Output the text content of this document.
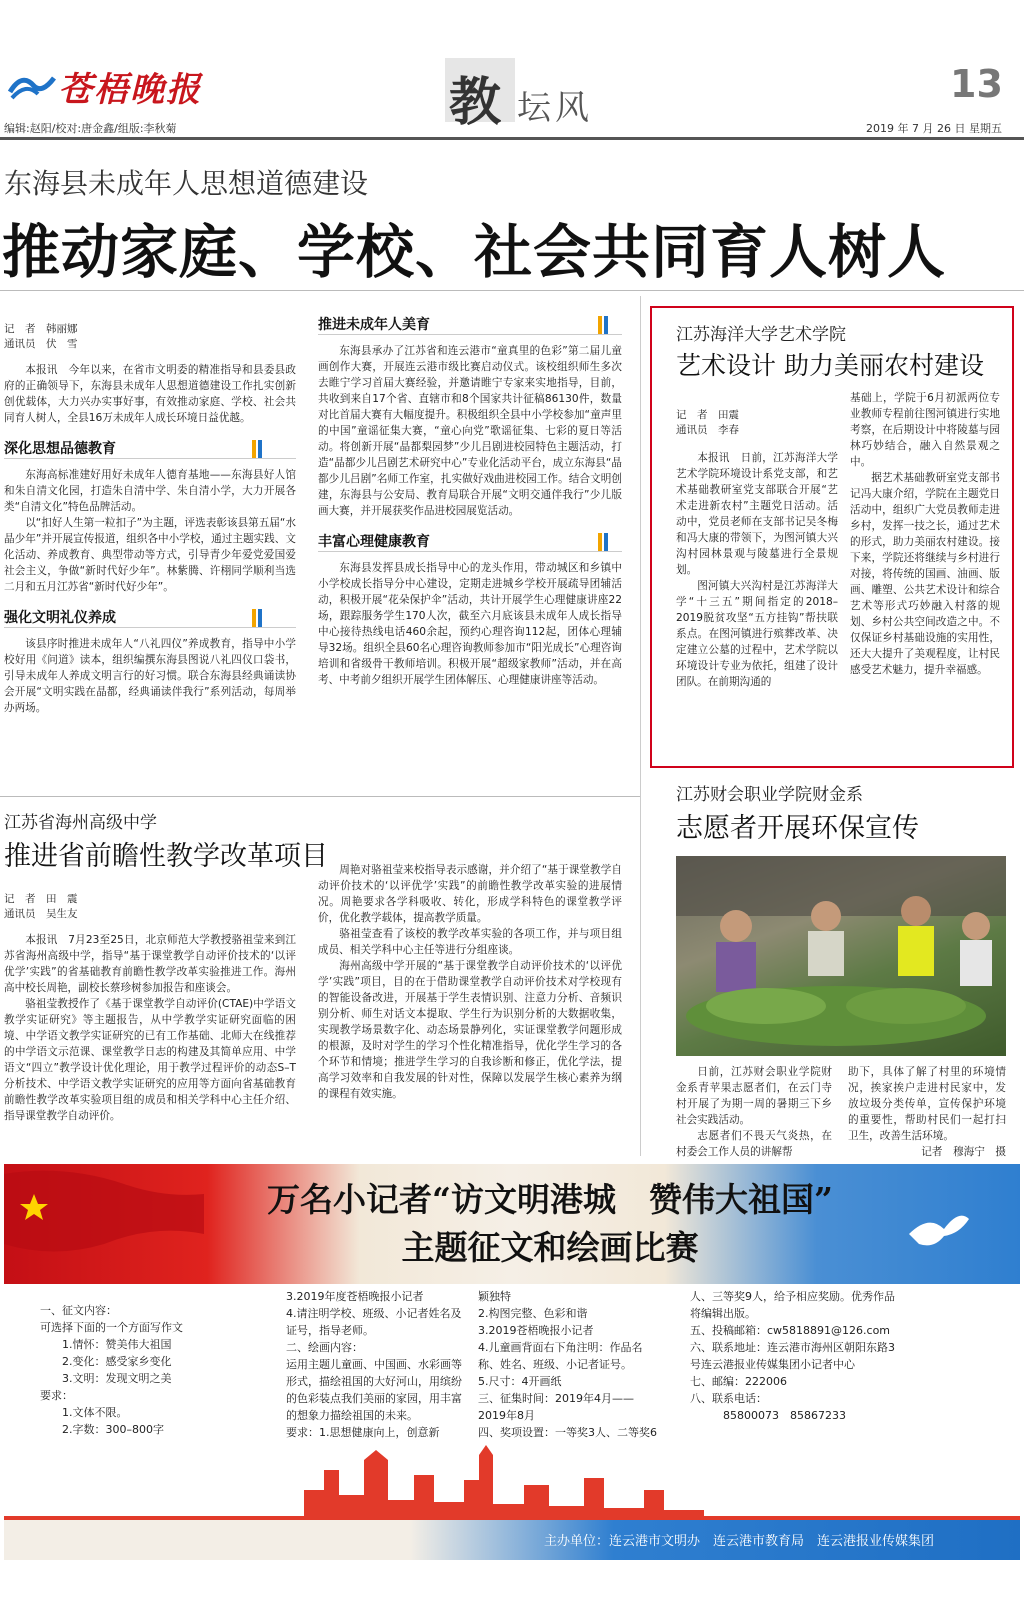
苍梧晚报	教 坛风
13
编辑:赵阳/校对:唐金鑫/组版:李秋菊	2019 年 7 月 26 日 星期五
东海县未成年人思想道德建设
推动家庭、学校、社会共同育人树人
记　者　韩丽娜
通讯员　伏　雪

本报讯　今年以来，在省市文明委的精准指导和县委县政府的正确领导下，东海县未成年人思想道德建设工作扎实创新创优载体，大力兴办实事好事，有效推动家庭、学校、社会共同育人树人，全县16万未成年人成长环境日益优越。

深化思想品德教育

东海高标准建好用好未成年人德育基地——东海县好人馆和朱自清文化园，打造朱自清中学、朱自清小学，大力开展各类“自清文化”特色品牌活动。

以“扣好人生第一粒扣子”为主题，评选表彰该县第五届“水晶少年”并开展宣传报道，组织各中小学校，通过主题实践、文化活动、养成教育、典型带动等方式，引导青少年爱党爱国爱社会主义，争做“新时代好少年”。林紫腾、许栩同学顺利当选二月和五月江苏省“新时代好少年”。

强化文明礼仪养成

该县序时推进未成年人“八礼四仪”养成教育，指导中小学校好用《问道》读本，组织编撰东海县图说八礼四仪口袋书，引导未成年人养成文明言行的好习惯。联合东海县经典诵读协会开展“文明实践在晶都，经典诵读伴我行”系列活动，每周举办两场。

推进未成年人美育

东海县承办了江苏省和连云港市“童真里的色彩”第二届儿童画创作大赛，开展连云港市级比赛启动仪式。该校组织师生多次去睢宁学习首届大赛经验，并邀请睢宁专家来实地指导，目前，共收到来自17个省、直辖市和8个国家共计征稿86130件，数量对比首届大赛有大幅度提升。积极组织全县中小学校参加“童声里的中国”童谣征集大赛，“童心向党”歌谣征集、七彩的夏日等活动。将创新开展“晶都梨园梦”少儿吕剧进校园特色主题活动，打造“晶都少儿吕剧艺术研究中心”专业化活动平台，成立东海县“晶都少儿吕剧”名师工作室，扎实做好戏曲进校园工作。结合文明创建，东海县与公安局、教育局联合开展“文明交通伴我行”少儿版画大赛，并开展获奖作品进校园展览活动。

丰富心理健康教育

东海县发挥县成长指导中心的龙头作用，带动城区和乡镇中小学校成长指导分中心建设，定期走进城乡学校开展疏导团辅活动，积极开展“花朵保护伞”活动，共计开展学生心理健康讲座22场，跟踪服务学生170人次，截至六月底该县未成年人成长指导中心接待热线电话460余起，预约心理咨询112起，团体心理辅导32场。组织全县60名心理咨询教师参加市“阳光成长”心理咨询培训和省级骨干教师培训。积极开展“超级家教师”活动，并在高考、中考前夕组织开展学生团体解压、心理健康讲座等活动。

江苏海洋大学艺术学院
艺术设计 助力美丽农村建设
记　者　田震
通讯员　李春

本报讯　日前，江苏海洋大学艺术学院环境设计系党支部，和艺术基础教研室党支部联合开展“艺术走进新农村”主题党日活动。活动中，党员老师在支部书记吴冬梅和冯大康的带领下，为图河镇大兴沟村园林景观与陵墓进行全景规划。

图河镇大兴沟村是江苏海洋大学“十三五”期间指定的2018–2019脱贫攻坚“五方挂钩”帮扶联系点。在图河镇进行殡葬改革、决定建立公墓的过程中，艺术学院以环境设计专业为依托，组建了设计团队。在前期沟通的

基础上，学院于6月初派两位专业教师专程前往图河镇进行实地考察，在后期设计中将陵墓与园林巧妙结合，融入自然景观之中。

据艺术基础教研室党支部书记冯大康介绍，学院在主题党日活动中，组织广大党员教师走进乡村，发挥一技之长，通过艺术的形式，助力美丽农村建设。接下来，学院还将继续与乡村进行对接，将传统的国画、油画、版画、雕塑、公共艺术设计和综合艺术等形式巧妙融入村落的规划、乡村公共空间改造之中。不仅保证乡村基础设施的实用性，还大大提升了美观程度，让村民感受艺术魅力，提升幸福感。

江苏省海州高级中学
推进省前瞻性教学改革项目
记　者　田　震
通讯员　吴生友

本报讯　7月23至25日，北京师范大学教授骆祖莹来到江苏省海州高级中学，指导“基于课堂教学自动评价技术的‘以评优学’实践”的省基础教育前瞻性教学改革实验推进工作。海州高中校长周艳，副校长蔡珍树参加报告和座谈会。

骆祖莹教授作了《基于课堂教学自动评价(CTAE)中学语文教学实证研究》等主题报告，从中学教学实证研究面临的困境、中学语文教学实证研究的已有工作基础、北师大在线推荐的中学语文示范课、课堂教学日志的构建及其简单应用、中学语文“四立”教学设计优化理论，用于教学过程评价的动态S–T分析技术、中学语文教学实证研究的应用等方面向省基础教育前瞻性教学改革实验项目组的成员和相关学科中心主任介绍、指导课堂教学自动评价。

周艳对骆祖莹来校指导表示感谢，并介绍了“基于课堂教学自动评价技术的‘以评优学’实践”的前瞻性教学改革实验的进展情况。周艳要求各学科吸收、转化，形成学科特色的课堂教学评价，优化教学载体，提高教学质量。

骆祖莹查看了该校的教学改革实验的各项工作，并与项目组成员、相关学科中心主任等进行分组座谈。

海州高级中学开展的“基于课堂教学自动评价技术的‘以评优学’实践”项目，目的在于借助课堂教学自动评价技术对学校现有的智能设备改进，开展基于学生表情识别、注意力分析、音频识别分析、师生对话文本提取、学生行为识别分析的大数据收集，实现教学场景数字化、动态场景静列化，实证课堂教学问题形成的根源，及时对学生的学习个性化精准指导，优化学生学习的各个环节和情境；推进学生学习的自我诊断和修正，优化学法，提高学习效率和自我发展的针对性，保障以发展学生核心素养为纲的课程有效实施。

江苏财会职业学院财金系
志愿者开展环保宣传

日前，江苏财会职业学院财金系青苹果志愿者们，在云门寺村开展了为期一周的暑期三下乡社会实践活动。

志愿者们不畏天气炎热，在村委会工作人员的讲解帮

助下，具体了解了村里的环境情况，挨家挨户走进村民家中，发放垃圾分类传单，宣传保护环境的重要性，帮助村民们一起打扫卫生，改善生活环境。

记者　穆海宁　摄

万名小记者“访文明港城　赞伟大祖国”
主题征文和绘画比赛
一、征文内容：
可选择下面的一个方面写作文
1.情怀：赞美伟大祖国
2.变化：感受家乡变化
3.文明：发现文明之美
要求：
1.文体不限。
2.字数：300–800字
3.2019年度苍梧晚报小记者
4.请注明学校、班级、小记者姓名及证号，指导老师。
二、绘画内容：
运用主题儿童画、中国画、水彩画等形式，描绘祖国的大好河山，用缤纷的色彩装点我们美丽的家园，用丰富的想象力描绘祖国的未来。
要求：1.思想健康向上，创意新
颖独特
2.构图完整、色彩和谐
3.2019苍梧晚报小记者
4.儿童画背面右下角注明：作品名称、姓名、班级、小记者证号。
5.尺寸：4开画纸
三、征集时间：2019年4月——2019年8月
四、奖项设置：一等奖3人、二等奖6
人、三等奖9人，给予相应奖励。优秀作品将编辑出版。
五、投稿邮箱：cw5818891@126.com
六、联系地址：连云港市海州区朝阳东路3号连云港报业传媒集团小记者中心
七、邮编：222006
八、联系电话：
85800073　85867233
主办单位：连云港市文明办　连云港市教育局　连云港报业传媒集团
